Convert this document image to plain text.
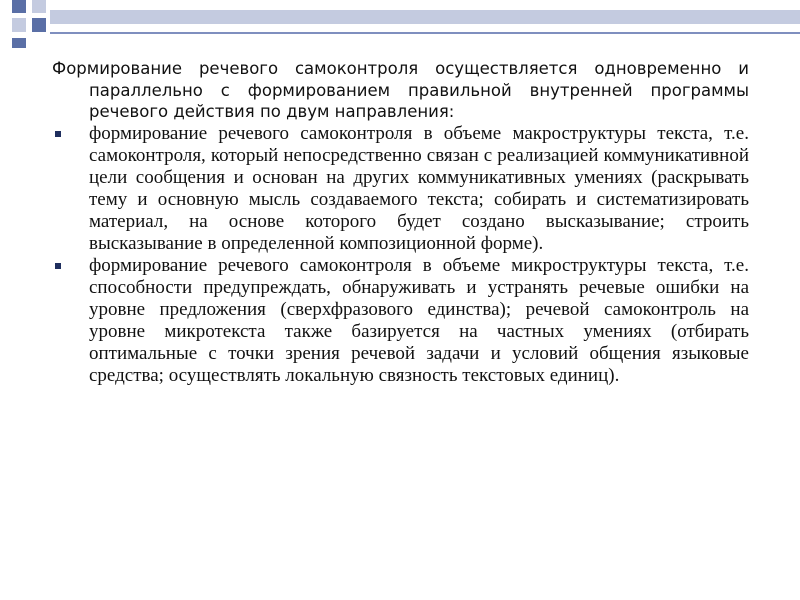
Формирование речевого самоконтроля осуществляется одновременно и параллельно с формированием правильной внутренней программы речевого действия по двум направления:

формирование речевого самоконтроля в объеме макроструктуры текста, т.е. самоконтроля, который непосредственно связан с реализацией коммуникативной цели сообщения и основан на других коммуникативных умениях (раскрывать тему и основную мысль создаваемого текста; собирать и систематизировать материал, на основе которого будет создано высказывание; строить высказывание в определенной композиционной форме).
формирование речевого самоконтроля в объеме микроструктуры текста, т.е. способности предупреждать, обнаруживать и устранять речевые ошибки на уровне предложения (сверхфразового единства); речевой самоконтроль на уровне микротекста также базируется на частных умениях (отбирать оптимальные с точки зрения речевой задачи и условий общения языковые средства; осуществлять локальную связность текстовых единиц).
